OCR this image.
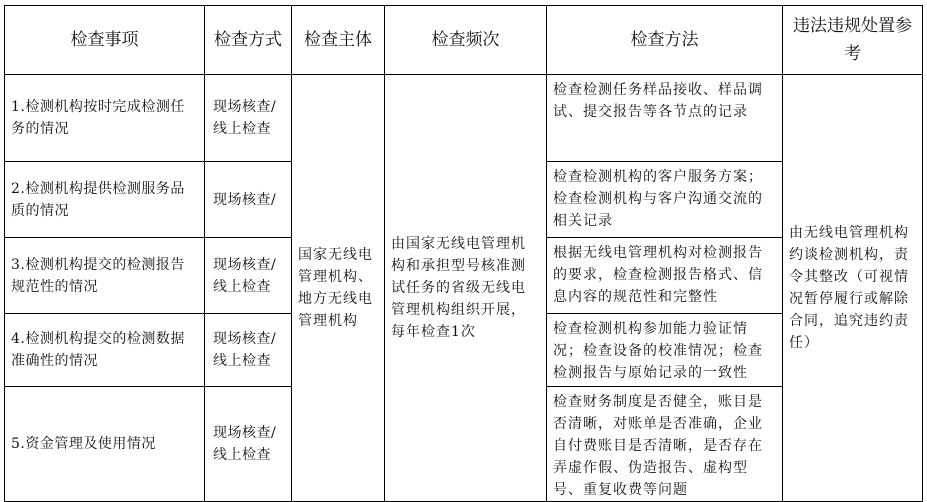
检查事项	检查方式	检查主体	检查频次	检查方法	违法违规处置参考
1.检测机构按时完成检测任务的情况	现场核查/线上检查	国家无线电管理机构、地方无线电管理机构	由国家无线电管理机构和承担型号核准测试任务的省级无线电管理机构组织开展，每年检查1次	检查检测任务样品接收、样品调试、提交报告等各节点的记录	由无线电管理机构约谈检测机构，责令其整改（可视情况暂停履行或解除合同，追究违约责任）
2.检测机构提供检测服务品质的情况	现场核查/			检查检测机构的客户服务方案；检查检测机构与客户沟通交流的相关记录	
3.检测机构提交的检测报告规范性的情况	现场核查/线上检查			根据无线电管理机构对检测报告的要求，检查检测报告格式、信息内容的规范性和完整性	
4.检测机构提交的检测数据准确性的情况	现场核查/线上检查			检查检测机构参加能力验证情况；检查设备的校准情况；检查检测报告与原始记录的一致性	
5.资金管理及使用情况	现场核查/线上检查			检查财务制度是否健全，账目是否清晰，对账单是否准确，企业自付费账目是否清晰，是否存在弄虚作假、伪造报告、虚构型号、重复收费等问题	
